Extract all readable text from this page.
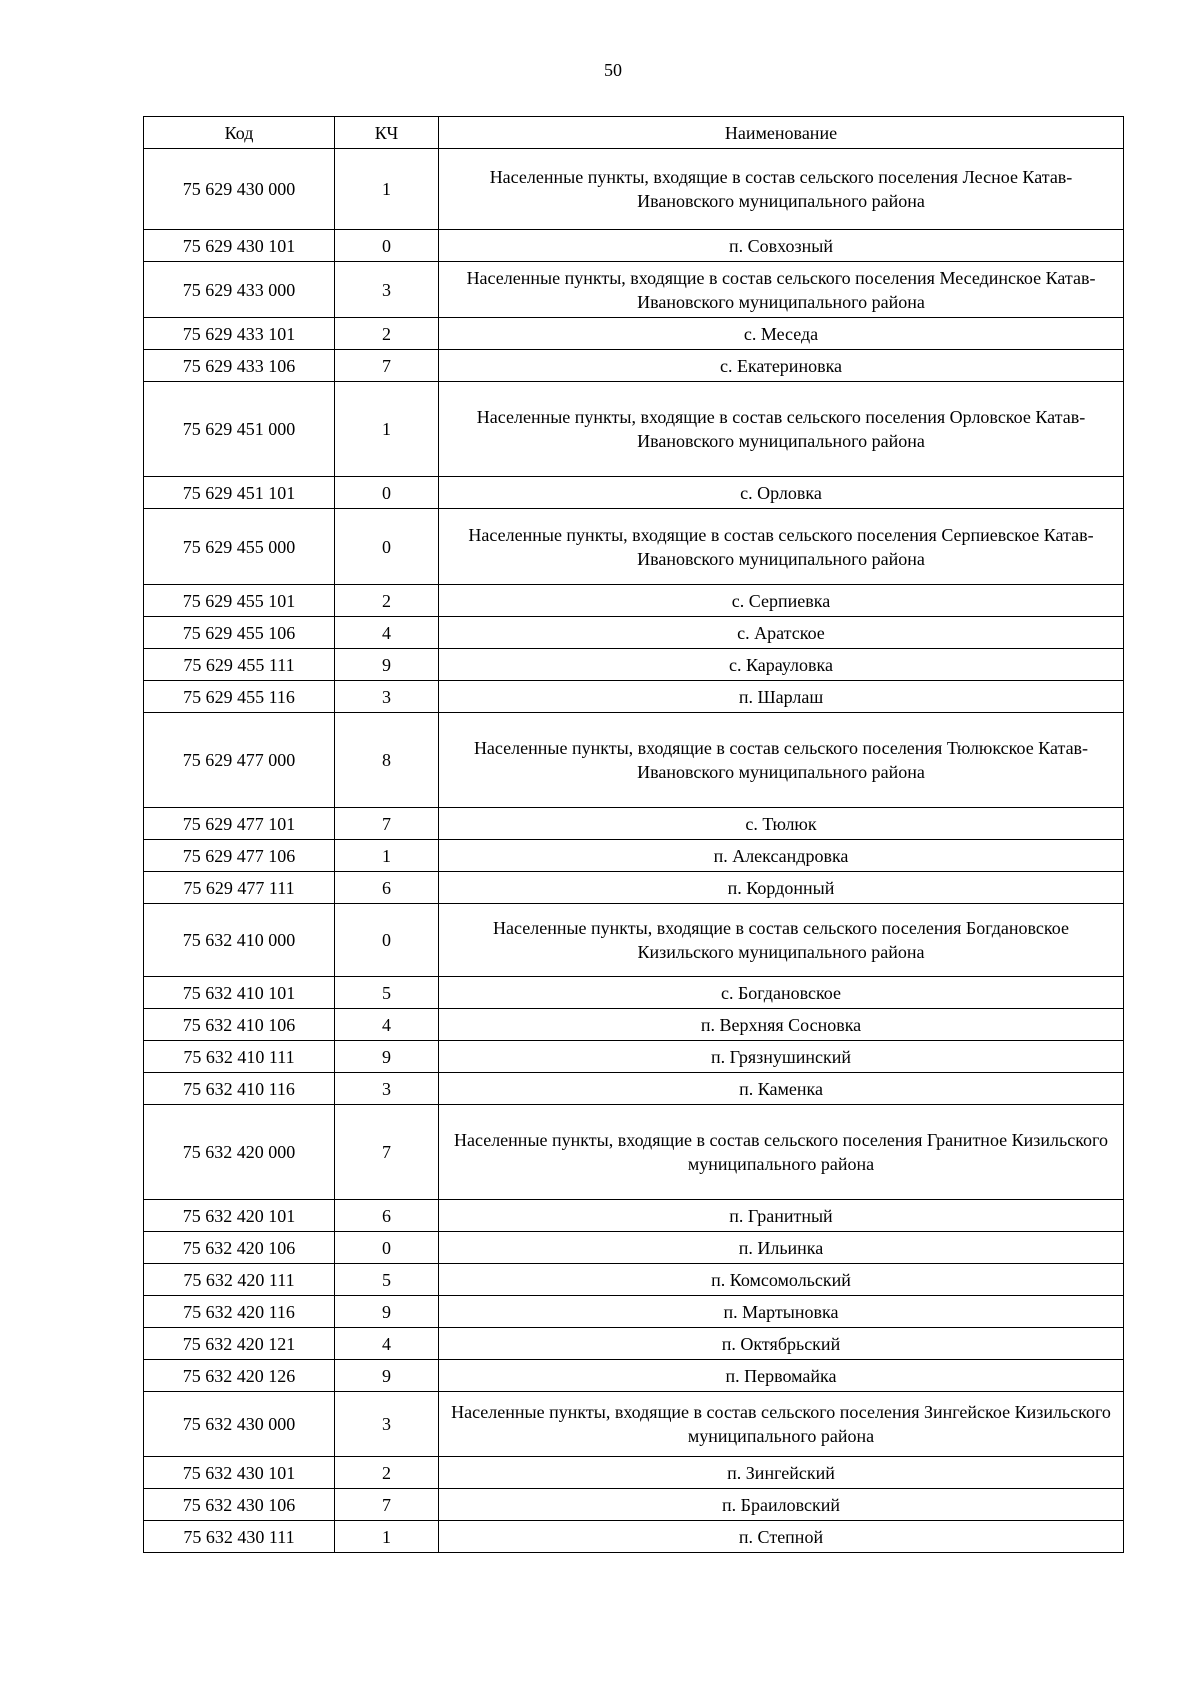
50
Код	КЧ	Наименование
75 629 430 000	1	Населенные пункты, входящие в состав сельского поселения Лесное Катав-Ивановского муниципального района
75 629 430 101	0	п. Совхозный
75 629 433 000	3	Населенные пункты, входящие в состав сельского поселения Месединское Катав-Ивановского муниципального района
75 629 433 101	2	с. Меседа
75 629 433 106	7	с. Екатериновка
75 629 451 000	1	Населенные пункты, входящие в состав сельского поселения Орловское Катав-Ивановского муниципального района
75 629 451 101	0	с. Орловка
75 629 455 000	0	Населенные пункты, входящие в состав сельского поселения Серпиевское Катав-Ивановского муниципального района
75 629 455 101	2	с. Серпиевка
75 629 455 106	4	с. Аратское
75 629 455 111	9	с. Карауловка
75 629 455 116	3	п. Шарлаш
75 629 477 000	8	Населенные пункты, входящие в состав сельского поселения Тюлюкское Катав-Ивановского муниципального района
75 629 477 101	7	с. Тюлюк
75 629 477 106	1	п. Александровка
75 629 477 111	6	п. Кордонный
75 632 410 000	0	Населенные пункты, входящие в состав сельского поселения Богдановское Кизильского муниципального района
75 632 410 101	5	с. Богдановское
75 632 410 106	4	п. Верхняя Сосновка
75 632 410 111	9	п. Грязнушинский
75 632 410 116	3	п. Каменка
75 632 420 000	7	Населенные пункты, входящие в состав сельского поселения Гранитное Кизильского муниципального района
75 632 420 101	6	п. Гранитный
75 632 420 106	0	п. Ильинка
75 632 420 111	5	п. Комсомольский
75 632 420 116	9	п. Мартыновка
75 632 420 121	4	п. Октябрьский
75 632 420 126	9	п. Первомайка
75 632 430 000	3	Населенные пункты, входящие в состав сельского поселения Зингейское Кизильского муниципального района
75 632 430 101	2	п. Зингейский
75 632 430 106	7	п. Браиловский
75 632 430 111	1	п. Степной
